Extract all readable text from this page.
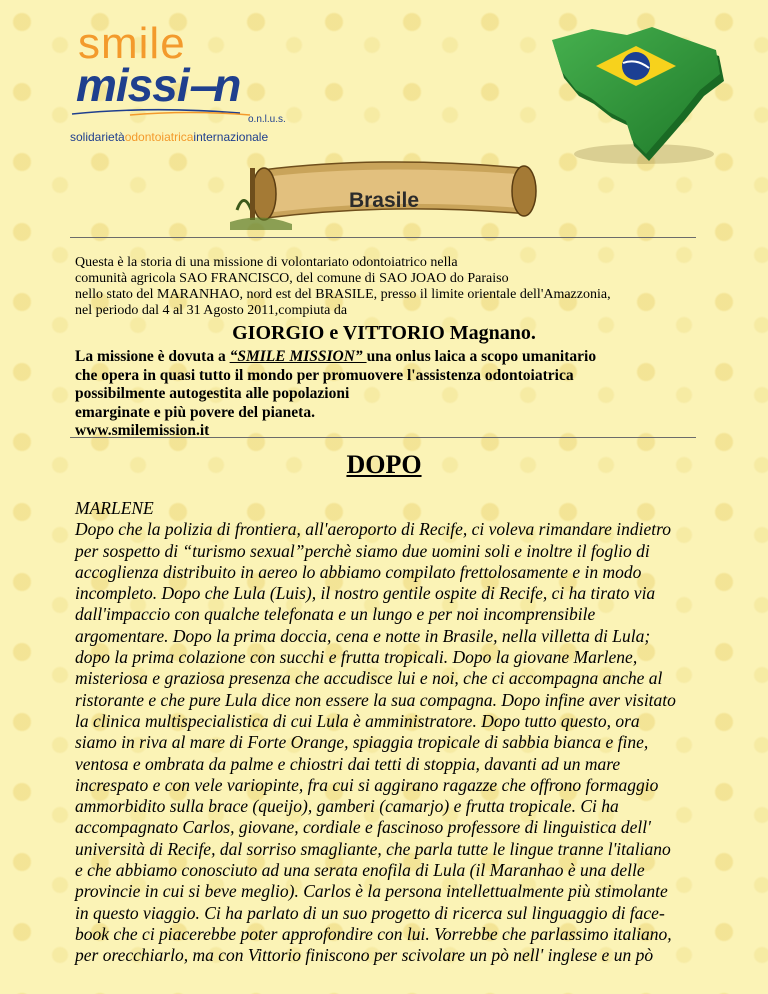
smile
missi‒n
o.n.l.u.s.
solidarietàodontoiatricainternazionale
Brasile
Questa è la storia di una missione di volontariato odontoiatrico nella
comunità agricola SAO FRANCISCO, del comune di SAO JOAO do Paraiso
nello stato del MARANHAO, nord est del BRASILE, presso il limite orientale dell'Amazzonia,
nel periodo dal 4 al 31 Agosto 2011,compiuta da
GIORGIO e VITTORIO Magnano.
La missione è dovuta a “SMILE MISSION” una onlus laica a scopo umanitario
che opera in quasi tutto il mondo per promuovere l'assistenza odontoiatrica
possibilmente autogestita alle popolazioni
emarginate e più povere del pianeta.
www.smilemission.it
DOPO
MARLENE
Dopo che la polizia di frontiera, all'aeroporto di Recife, ci voleva rimandare indietro
per sospetto di “turismo sexual”perchè siamo due uomini soli e inoltre il foglio di
accoglienza distribuito in aereo lo abbiamo compilato frettolosamente e in modo
incompleto. Dopo che Lula (Luis), il nostro gentile ospite di Recife, ci ha tirato via
dall'impaccio con qualche telefonata e un lungo e per noi incomprensibile
argomentare. Dopo la prima doccia, cena e notte in Brasile, nella villetta di Lula;
dopo la prima colazione con succhi e frutta tropicali. Dopo la giovane Marlene,
misteriosa e graziosa presenza che accudisce lui e noi, che ci accompagna anche al
ristorante e che pure Lula dice non essere la sua compagna. Dopo infine aver visitato
la clinica multispecialistica di cui Lula è amministratore. Dopo tutto questo, ora
siamo in riva al mare di Forte Orange, spiaggia tropicale di sabbia bianca e fine,
ventosa e ombrata da palme e chiostri dai tetti di stoppia, davanti ad un mare
increspato e con vele variopinte, fra cui si aggirano ragazze che offrono formaggio
ammorbidito sulla brace (queijo), gamberi (camarjo) e frutta tropicale. Ci ha
accompagnato Carlos, giovane, cordiale e fascinoso professore di linguistica dell'
università di Recife, dal sorriso smagliante, che parla tutte le lingue tranne l'italiano
e che abbiamo conosciuto ad una serata enofila di Lula (il Maranhao è una delle
provincie in cui si beve meglio). Carlos è la persona intellettualmente più stimolante
in questo viaggio. Ci ha parlato di un suo progetto di ricerca sul linguaggio di face-
book che ci piacerebbe poter approfondire con lui. Vorrebbe che parlassimo italiano,
per orecchiarlo, ma con Vittorio finiscono per scivolare un pò nell' inglese e un pò
